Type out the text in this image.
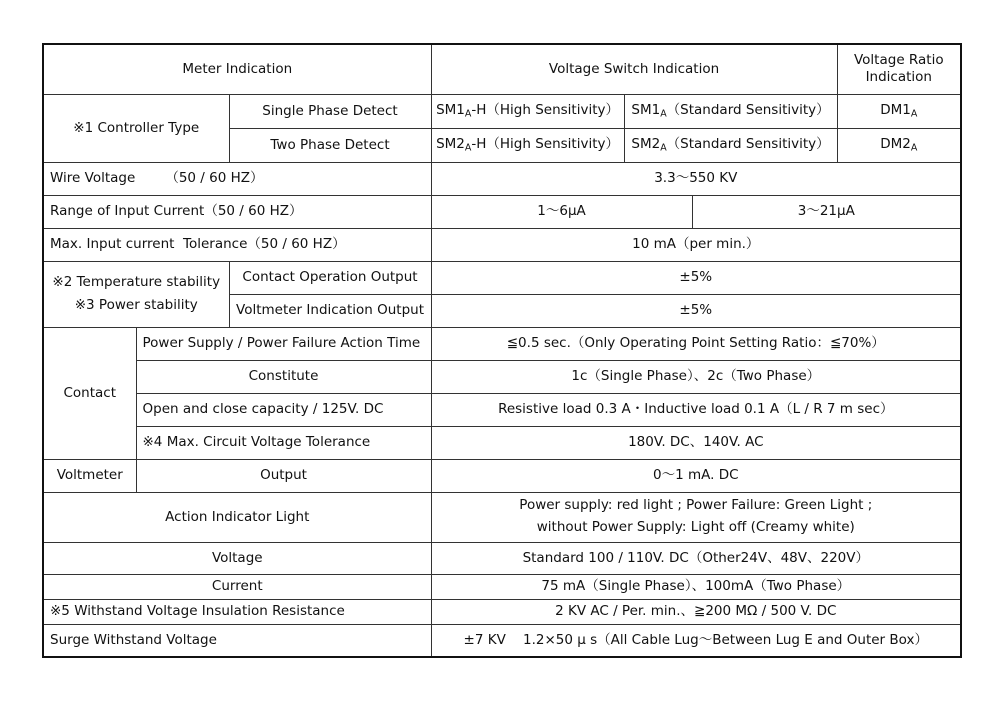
Meter Indication			Voltage Switch Indication			Voltage Ratio
Indication

※1 Controller Type		Single Phase Detect	$SM1_A-H(High$ Sensitivity）	$SM1_A(Standard$ Sensitivity）		$DM1_A$
		Two Phase Detect	$SM2_A-H(High$ Sensitivity）	$SM2_A(Standard$ Sensitivity）		$DM2_A$
Wire Voltage       （50 / 60 HZ）			3.3～550 KV			
Range of Input Current（50 / 60 HZ）			1～6μA		3～21μA	
Max. Input current  Tolerance（50 / 60 HZ）			10 mA（per min.）			

※2 Temperature stability
※3 Power stability		Contact Operation Output	±5%			
		Voltmeter Indication Output	±5%			
Contact	Power Supply / Power Failure Action Time		≦0.5 sec.（Only Operating Point Setting Ratio：≦70%）			
	Constitute		1c（Single Phase）、2c（Two Phase）			
	Open and close capacity / 125V. DC		Resistive load 0.3 A・Inductive load 0.1 A（L / R 7 m sec）			
	※4 Max. Circuit Voltage Tolerance		180V. DC、140V. AC			
Voltmeter	Output		0～1 mA. DC			
Action Indicator Light			Power supply: red light ; Power Failure: Green Light ;
without Power Supply: Light off (Creamy white)			

Voltage			Standard 100 / 110V. DC（Other24V、48V、220V）			
Current			75 mA（Single Phase）、100mA（Two Phase）			
※5 Withstand Voltage Insulation Resistance			2 KV AC / Per. min.、≧200 MΩ / 500 V. DC			
Surge Withstand Voltage			±7 KV    1.2×50 μ s（All Cable Lug～Between Lug E and Outer Box）			
